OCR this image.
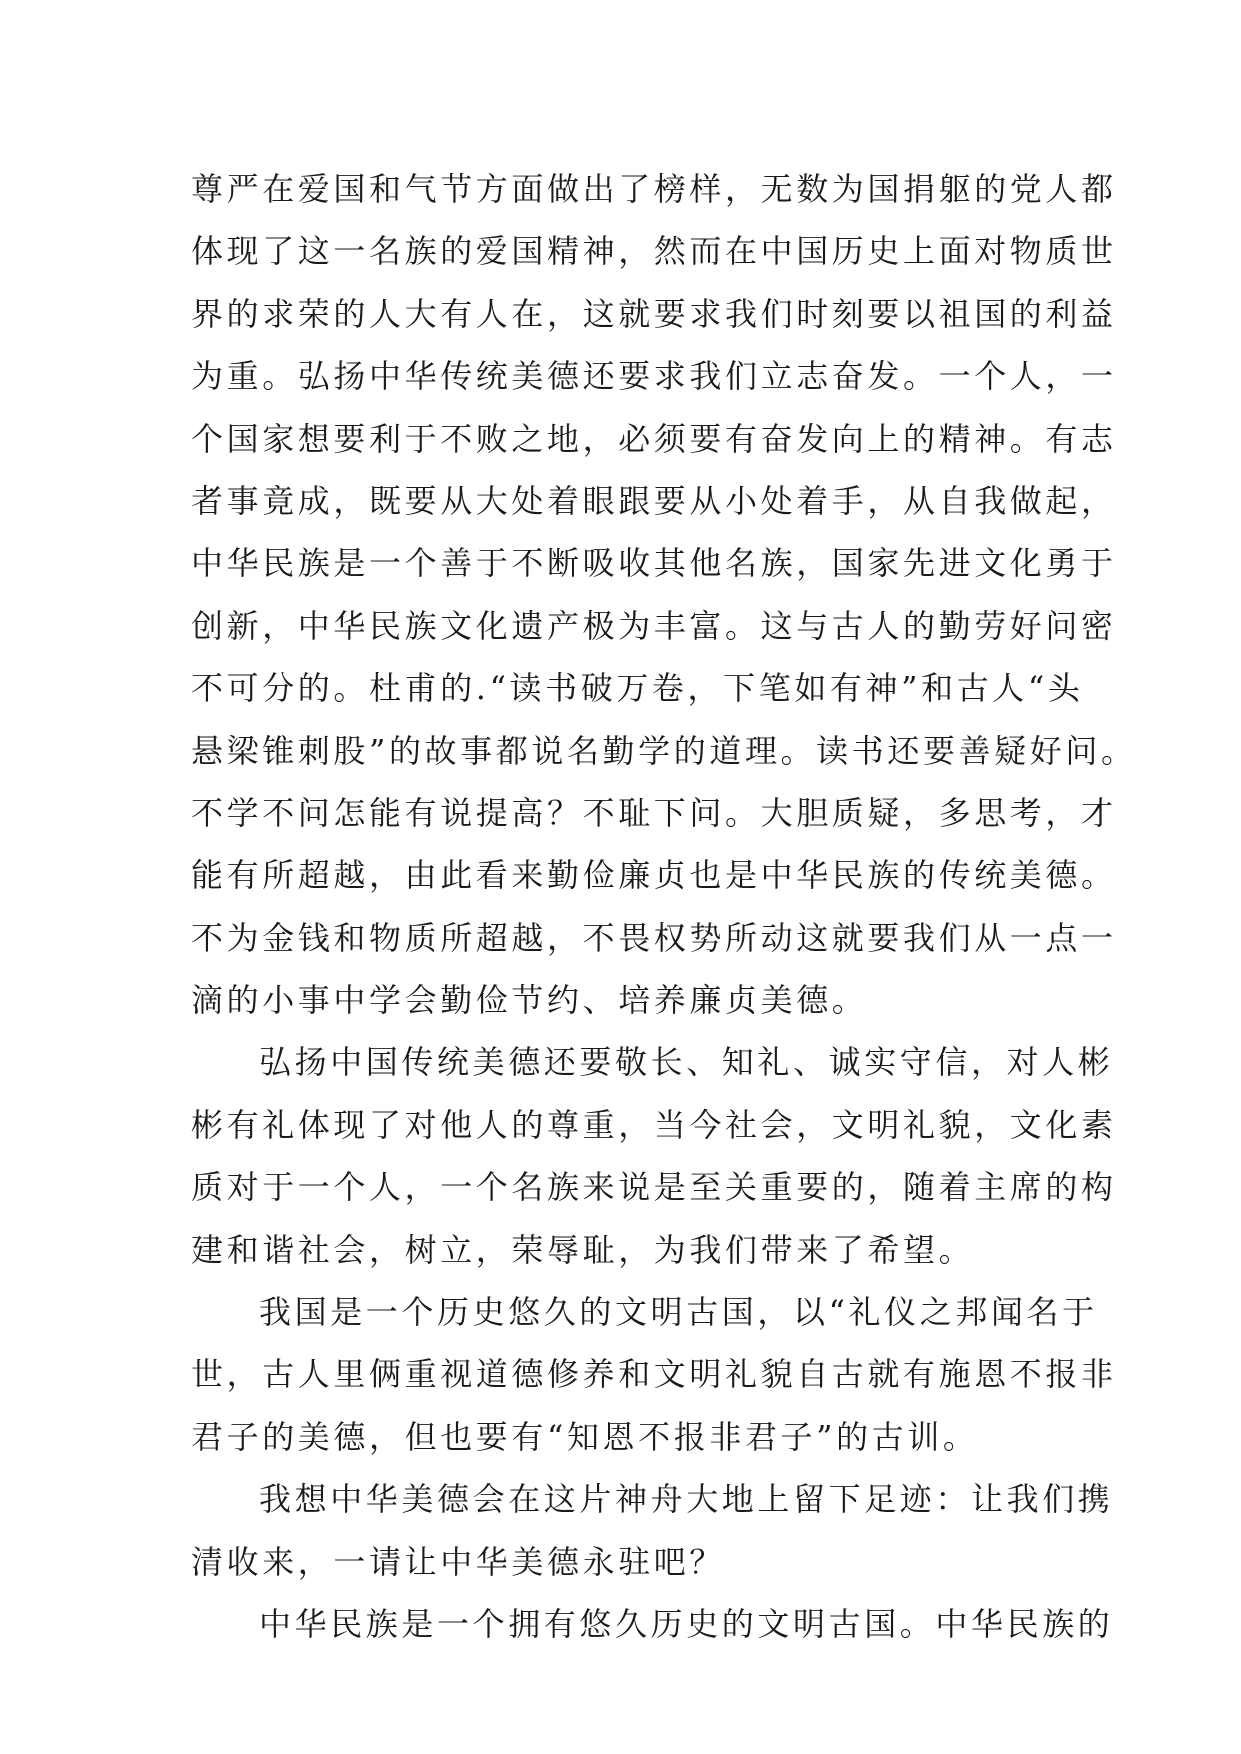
尊严在爱国和气节方面做出了榜样，无数为国捐躯的党人都
体现了这一名族的爱国精神，然而在中国历史上面对物质世
界的求荣的人大有人在，这就要求我们时刻要以祖国的利益
为重。弘扬中华传统美德还要求我们立志奋发。一个人，一
个国家想要利于不败之地，必须要有奋发向上的精神。有志
者事竟成，既要从大处着眼跟要从小处着手，从自我做起，
中华民族是一个善于不断吸收其他名族，国家先进文化勇于
创新，中华民族文化遗产极为丰富。这与古人的勤劳好问密
不可分的。杜甫的.“读书破万卷，下笔如有神”和古人“头
悬梁锥刺股”的故事都说名勤学的道理。读书还要善疑好问。
不学不问怎能有说提高？不耻下问。大胆质疑，多思考，才
能有所超越，由此看来勤俭廉贞也是中华民族的传统美德。
不为金钱和物质所超越，不畏权势所动这就要我们从一点一
滴的小事中学会勤俭节约、培养廉贞美德。
弘扬中国传统美德还要敬长、知礼、诚实守信，对人彬
彬有礼体现了对他人的尊重，当今社会，文明礼貌，文化素
质对于一个人，一个名族来说是至关重要的，随着主席的构
建和谐社会，树立，荣辱耻，为我们带来了希望。
我国是一个历史悠久的文明古国，以“礼仪之邦闻名于
世，古人里俩重视道德修养和文明礼貌自古就有施恩不报非
君子的美德，但也要有“知恩不报非君子”的古训。
我想中华美德会在这片神舟大地上留下足迹：让我们携
清收来，一请让中华美德永驻吧？
中华民族是一个拥有悠久历史的文明古国。中华民族的
